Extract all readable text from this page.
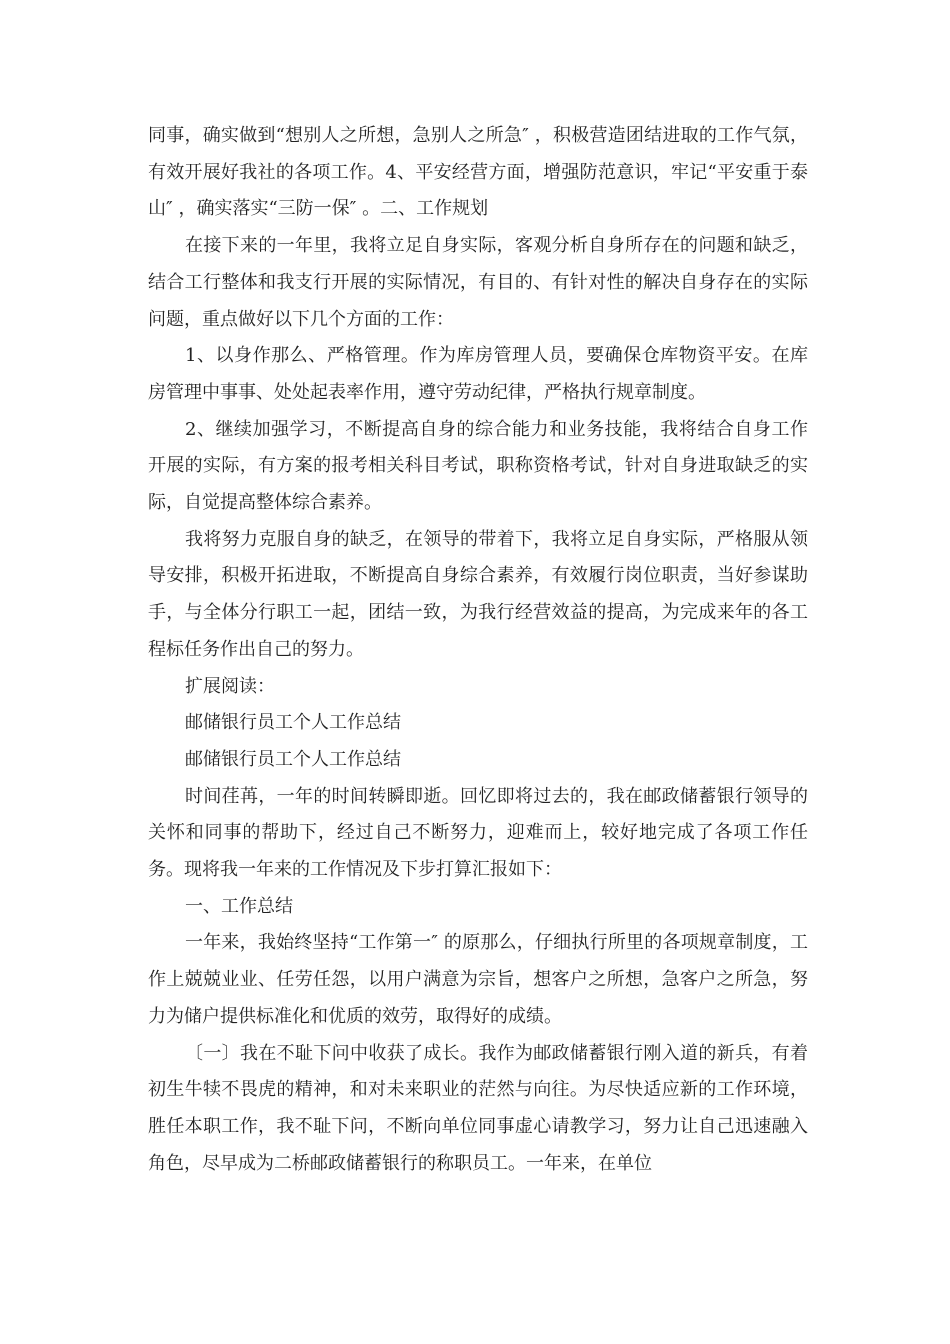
同事，确实做到“想别人之所想，急别人之所急″ ，积极营造团结进取的工作气氛，有效开展好我社的各项工作。4、平安经营方面，增强防范意识，牢记“平安重于泰山″ ，确实落实“三防一保″ 。二、工作规划

在接下来的一年里，我将立足自身实际，客观分析自身所存在的问题和缺乏，结合工行整体和我支行开展的实际情况，有目的、有针对性的解决自身存在的实际问题，重点做好以下几个方面的工作：

1、以身作那么、严格管理。作为库房管理人员，要确保仓库物资平安。在库房管理中事事、处处起表率作用，遵守劳动纪律，严格执行规章制度。

2、继续加强学习，不断提高自身的综合能力和业务技能，我将结合自身工作开展的实际，有方案的报考相关科目考试，职称资格考试，针对自身进取缺乏的实际，自觉提高整体综合素养。

我将努力克服自身的缺乏，在领导的带着下，我将立足自身实际，严格服从领导安排，积极开拓进取，不断提高自身综合素养，有效履行岗位职责，当好参谋助手，与全体分行职工一起，团结一致，为我行经营效益的提高，为完成来年的各工程标任务作出自己的努力。

扩展阅读：

邮储银行员工个人工作总结

邮储银行员工个人工作总结

时间荏苒，一年的时间转瞬即逝。回忆即将过去的，我在邮政储蓄银行领导的关怀和同事的帮助下，经过自己不断努力，迎难而上，较好地完成了各项工作任务。现将我一年来的工作情况及下步打算汇报如下：

一、工作总结

一年来，我始终坚持“工作第一″ 的原那么，仔细执行所里的各项规章制度，工作上兢兢业业、任劳任怨，以用户满意为宗旨，想客户之所想，急客户之所急，努力为储户提供标准化和优质的效劳，取得好的成绩。

〔一〕我在不耻下问中收获了成长。我作为邮政储蓄银行刚入道的新兵，有着初生牛犊不畏虎的精神，和对未来职业的茫然与向往。为尽快适应新的工作环境，胜任本职工作，我不耻下问，不断向单位同事虚心请教学习，努力让自己迅速融入角色，尽早成为二桥邮政储蓄银行的称职员工。一年来，在单位
